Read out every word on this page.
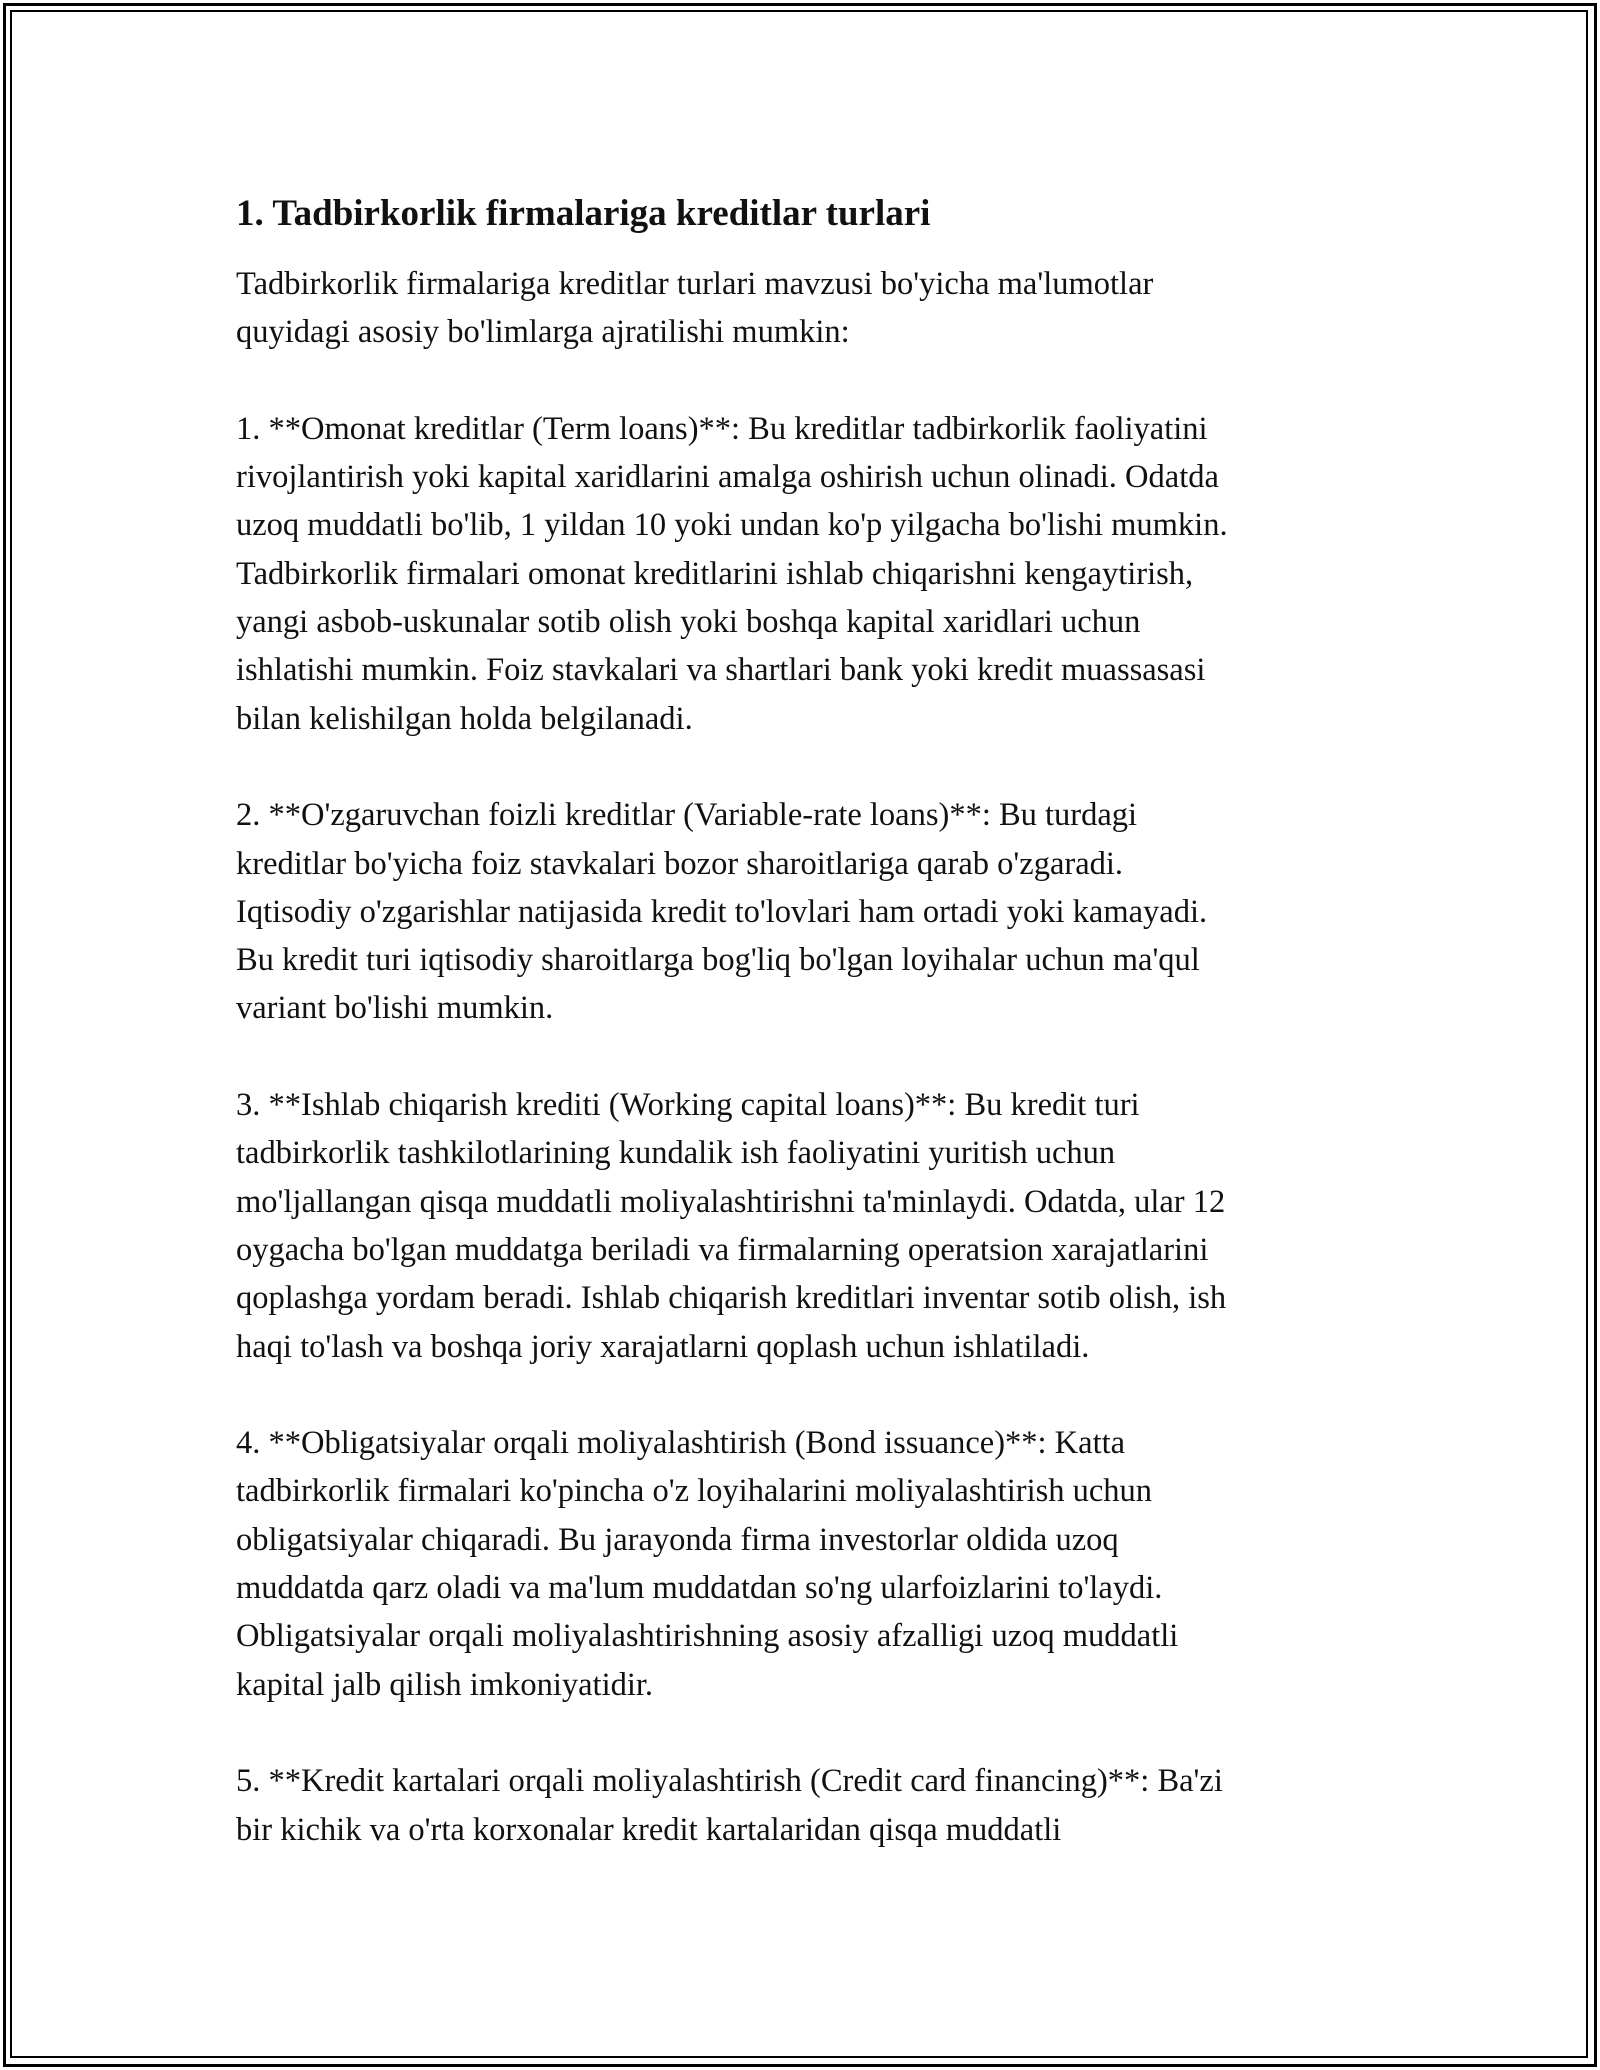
1. Tadbirkorlik firmalariga kreditlar turlari

Tadbirkorlik firmalariga kreditlar turlari mavzusi bo'yicha ma'lumotlar
quyidagi asosiy bo'limlarga ajratilishi mumkin:

1. **Omonat kreditlar (Term loans)**: Bu kreditlar tadbirkorlik faoliyatini
rivojlantirish yoki kapital xaridlarini amalga oshirish uchun olinadi. Odatda
uzoq muddatli bo'lib, 1 yildan 10 yoki undan ko'p yilgacha bo'lishi mumkin.
Tadbirkorlik firmalari omonat kreditlarini ishlab chiqarishni kengaytirish,
yangi asbob-uskunalar sotib olish yoki boshqa kapital xaridlari uchun
ishlatishi mumkin. Foiz stavkalari va shartlari bank yoki kredit muassasasi
bilan kelishilgan holda belgilanadi.

2. **O'zgaruvchan foizli kreditlar (Variable-rate loans)**: Bu turdagi
kreditlar bo'yicha foiz stavkalari bozor sharoitlariga qarab o'zgaradi.
Iqtisodiy o'zgarishlar natijasida kredit to'lovlari ham ortadi yoki kamayadi.
Bu kredit turi iqtisodiy sharoitlarga bog'liq bo'lgan loyihalar uchun ma'qul
variant bo'lishi mumkin.

3. **Ishlab chiqarish krediti (Working capital loans)**: Bu kredit turi
tadbirkorlik tashkilotlarining kundalik ish faoliyatini yuritish uchun
mo'ljallangan qisqa muddatli moliyalashtirishni ta'minlaydi. Odatda, ular 12
oygacha bo'lgan muddatga beriladi va firmalarning operatsion xarajatlarini
qoplashga yordam beradi. Ishlab chiqarish kreditlari inventar sotib olish, ish
haqi to'lash va boshqa joriy xarajatlarni qoplash uchun ishlatiladi.

4. **Obligatsiyalar orqali moliyalashtirish (Bond issuance)**: Katta
tadbirkorlik firmalari ko'pincha o'z loyihalarini moliyalashtirish uchun
obligatsiyalar chiqaradi. Bu jarayonda firma investorlar oldida uzoq
muddatda qarz oladi va ma'lum muddatdan so'ng ularfoizlarini to'laydi.
Obligatsiyalar orqali moliyalashtirishning asosiy afzalligi uzoq muddatli
kapital jalb qilish imkoniyatidir.

5. **Kredit kartalari orqali moliyalashtirish (Credit card financing)**: Ba'zi
bir kichik va o'rta korxonalar kredit kartalaridan qisqa muddatli
